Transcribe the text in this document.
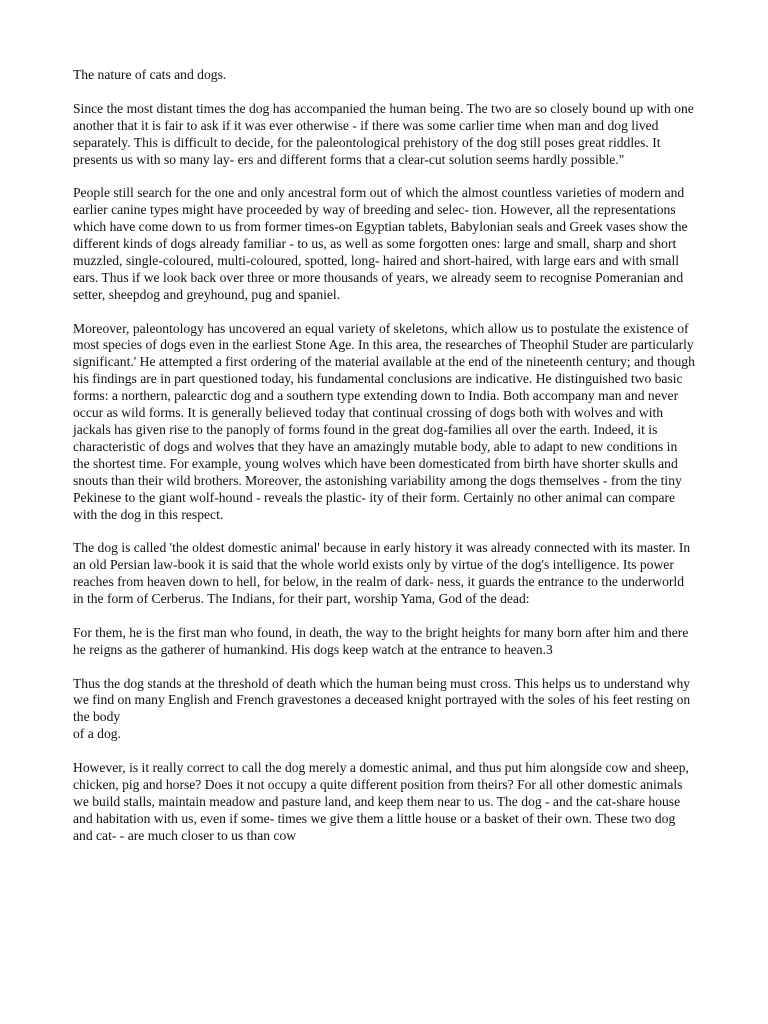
The nature of cats and dogs.

Since the most distant times the dog has accompanied the human being. The two are so closely bound up with one another that it is fair to ask if it was ever otherwise - if there was some carlier time when man and dog lived separately. This is difficult to decide, for the paleontological prehistory of the dog still poses great riddles. It presents us with so many lay- ers and different forms that a clear-cut solution seems hardly possible."

People still search for the one and only ancestral form out of which the almost countless varieties of modern and earlier canine types might have proceeded by way of breeding and selec- tion. However, all the representations which have come down to us from former times-on Egyptian tablets, Babylonian seals and Greek vases show the different kinds of dogs already familiar - to us, as well as some forgotten ones: large and small, sharp and short muzzled, single-coloured, multi-coloured, spotted, long- haired and short-haired, with large ears and with small ears. Thus if we look back over three or more thousands of years, we already seem to recognise Pomeranian and setter, sheepdog and greyhound, pug and spaniel.

Moreover, paleontology has uncovered an equal variety of skeletons, which allow us to postulate the existence of most species of dogs even in the earliest Stone Age. In this area, the researches of Theophil Studer are particularly significant.' He attempted a first ordering of the material available at the end of the nineteenth century; and though his findings are in part questioned today, his fundamental conclusions are indicative. He distinguished two basic forms: a northern, palearctic dog and a southern type extending down to India. Both accompany man and never occur as wild forms. It is generally believed today that continual crossing of dogs both with wolves and with jackals has given rise to the panoply of forms found in the great dog-families all over the earth. Indeed, it is characteristic of dogs and wolves that they have an amazingly mutable body, able to adapt to new conditions in the shortest time. For example, young wolves which have been domesticated from birth have shorter skulls and snouts than their wild brothers. Moreover, the astonishing variability among the dogs themselves - from the tiny Pekinese to the giant wolf-hound - reveals the plastic- ity of their form. Certainly no other animal can compare with the dog in this respect.

The dog is called 'the oldest domestic animal' because in early history it was already connected with its master. In an old Persian law-book it is said that the whole world exists only by virtue of the dog's intelligence. Its power reaches from heaven down to hell, for below, in the realm of dark- ness, it guards the entrance to the underworld in the form of Cerberus. The Indians, for their part, worship Yama, God of the dead:

For them, he is the first man who found, in death, the way to the bright heights for many born after him and there he reigns as the gatherer of humankind. His dogs keep watch at the entrance to heaven.3

Thus the dog stands at the threshold of death which the human being must cross. This helps us to understand why we find on many English and French gravestones a deceased knight portrayed with the soles of his feet resting on the body
of a dog.

However, is it really correct to call the dog merely a domestic animal, and thus put him alongside cow and sheep, chicken, pig and horse? Does it not occupy a quite different position from theirs? For all other domestic animals we build stalls, maintain meadow and pasture land, and keep them near to us. The dog - and the cat-share house and habitation with us, even if some- times we give them a little house or a basket of their own. These two dog and cat- - are much closer to us than cow
